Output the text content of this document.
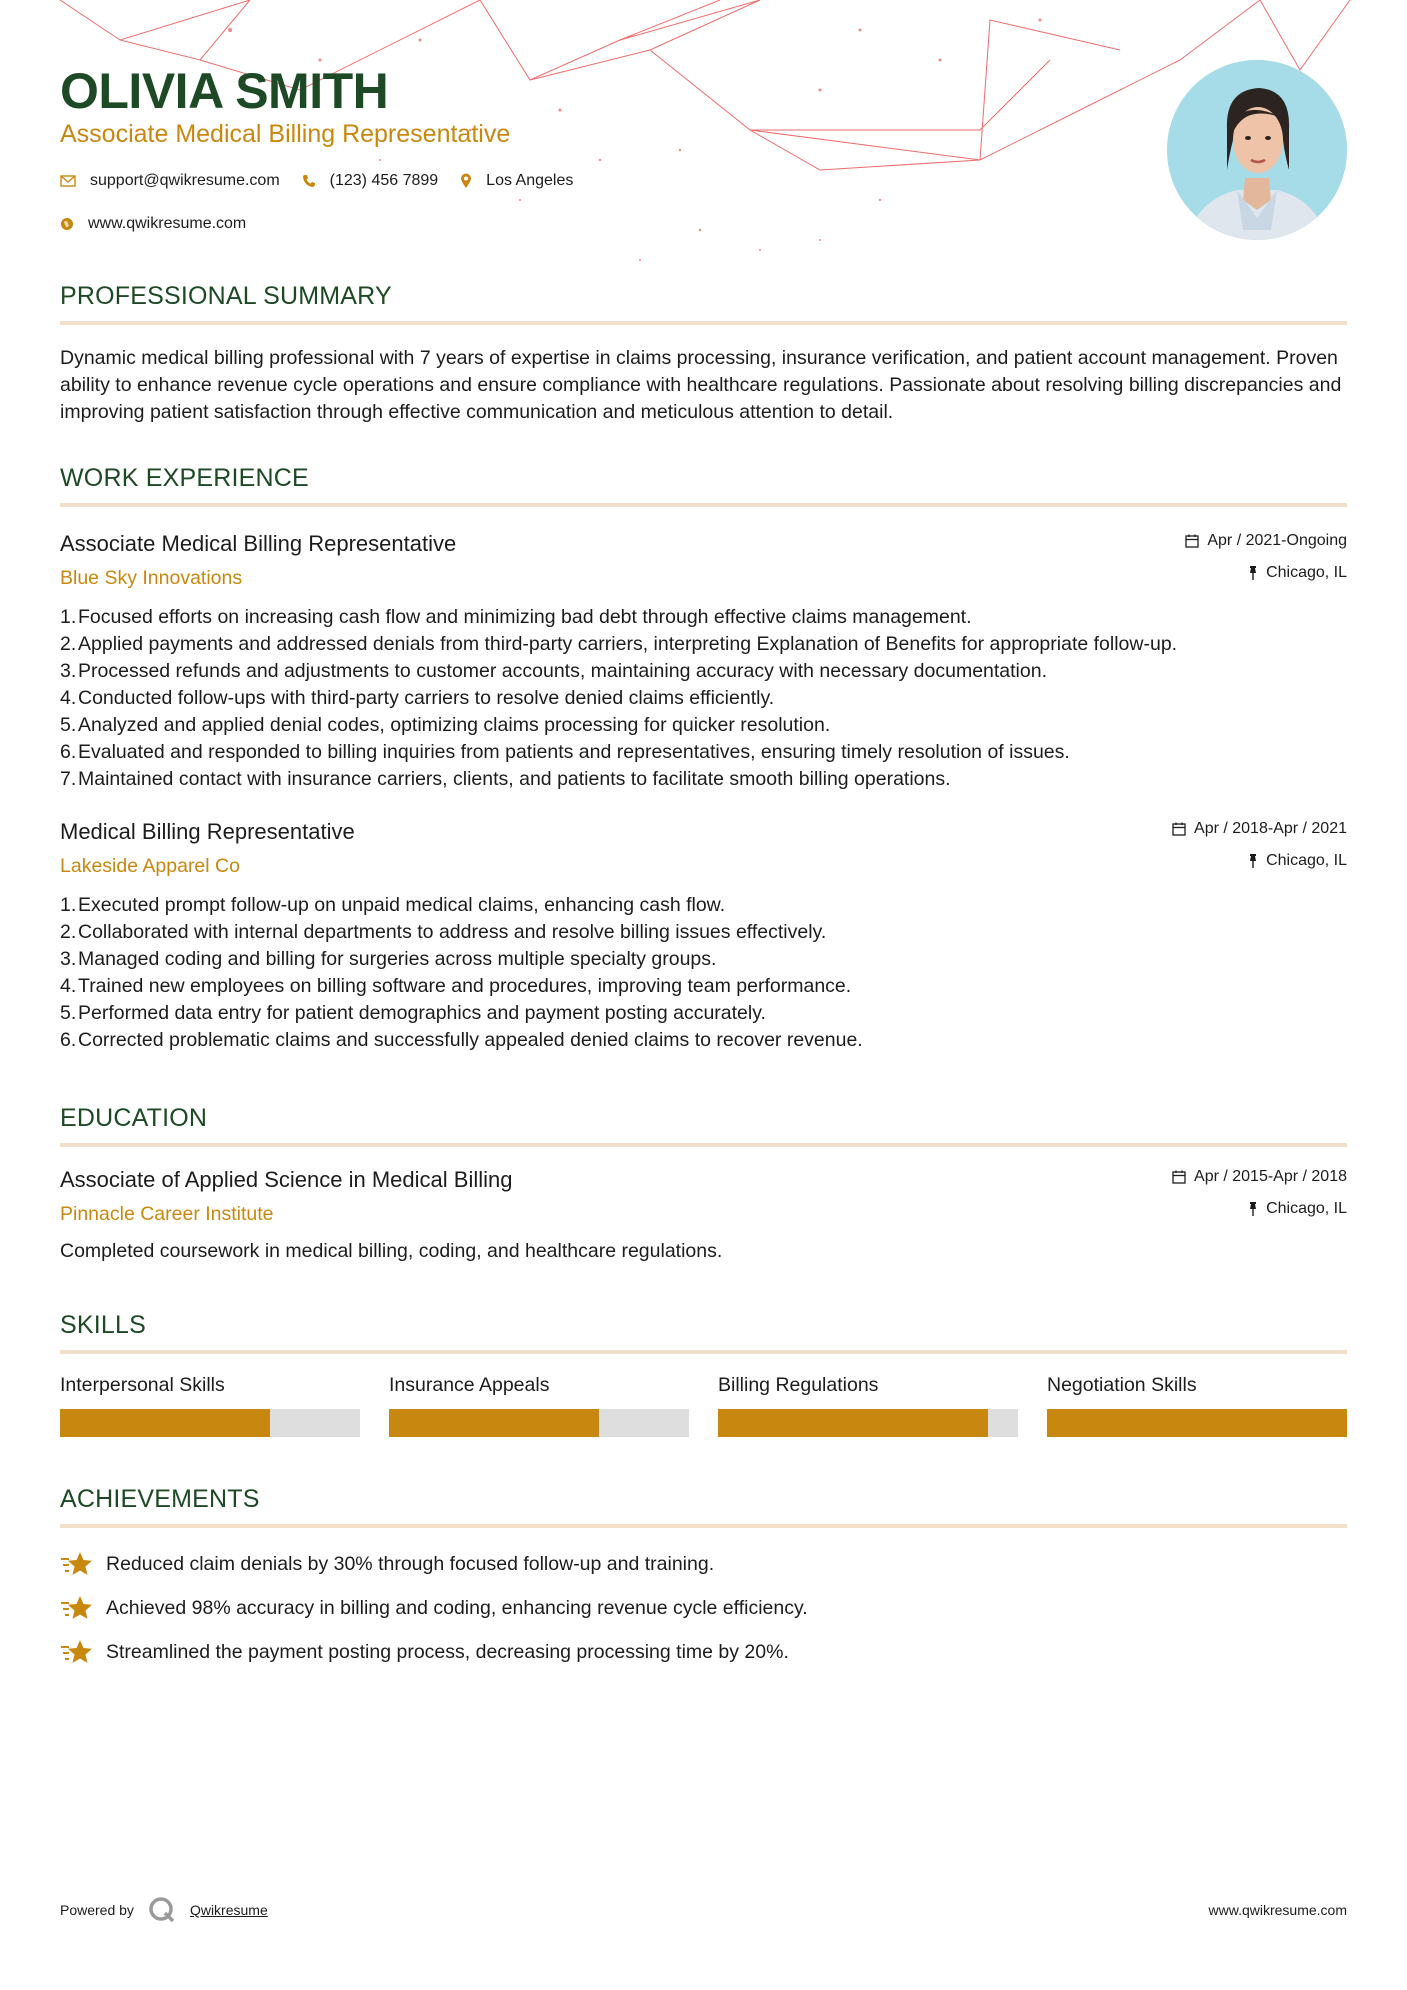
OLIVIA SMITH
Associate Medical Billing Representative
support@qwikresume.com	(123) 456 7899	Los Angeles
www.qwikresume.com
PROFESSIONAL SUMMARY

Dynamic medical billing professional with 7 years of expertise in claims processing, insurance verification, and patient account management. Proven ability to enhance revenue cycle operations and ensure compliance with healthcare regulations. Passionate about resolving billing discrepancies and improving patient satisfaction through effective communication and meticulous attention to detail.

WORK EXPERIENCE
Associate Medical Billing Representative
Blue Sky Innovations
Apr / 2021-Ongoing
Chicago, IL
1. Focused efforts on increasing cash flow and minimizing bad debt through effective claims management.
2. Applied payments and addressed denials from third-party carriers, interpreting Explanation of Benefits for appropriate follow-up.
3. Processed refunds and adjustments to customer accounts, maintaining accuracy with necessary documentation.
4. Conducted follow-ups with third-party carriers to resolve denied claims efficiently.
5. Analyzed and applied denial codes, optimizing claims processing for quicker resolution.
6. Evaluated and responded to billing inquiries from patients and representatives, ensuring timely resolution of issues.
7. Maintained contact with insurance carriers, clients, and patients to facilitate smooth billing operations.
Medical Billing Representative
Lakeside Apparel Co
Apr / 2018-Apr / 2021
Chicago, IL
1. Executed prompt follow-up on unpaid medical claims, enhancing cash flow.
2. Collaborated with internal departments to address and resolve billing issues effectively.
3. Managed coding and billing for surgeries across multiple specialty groups.
4. Trained new employees on billing software and procedures, improving team performance.
5. Performed data entry for patient demographics and payment posting accurately.
6. Corrected problematic claims and successfully appealed denied claims to recover revenue.
EDUCATION
Associate of Applied Science in Medical Billing
Pinnacle Career Institute
Apr / 2015-Apr / 2018
Chicago, IL
Completed coursework in medical billing, coding, and healthcare regulations.
SKILLS
Interpersonal Skills	Insurance Appeals	Billing Regulations	Negotiation Skills
ACHIEVEMENTS
Reduced claim denials by 30% through focused follow-up and training.
Achieved 98% accuracy in billing and coding, enhancing revenue cycle efficiency.
Streamlined the payment posting process, decreasing processing time by 20%.
Powered by	Qwikresume	www.qwikresume.com
